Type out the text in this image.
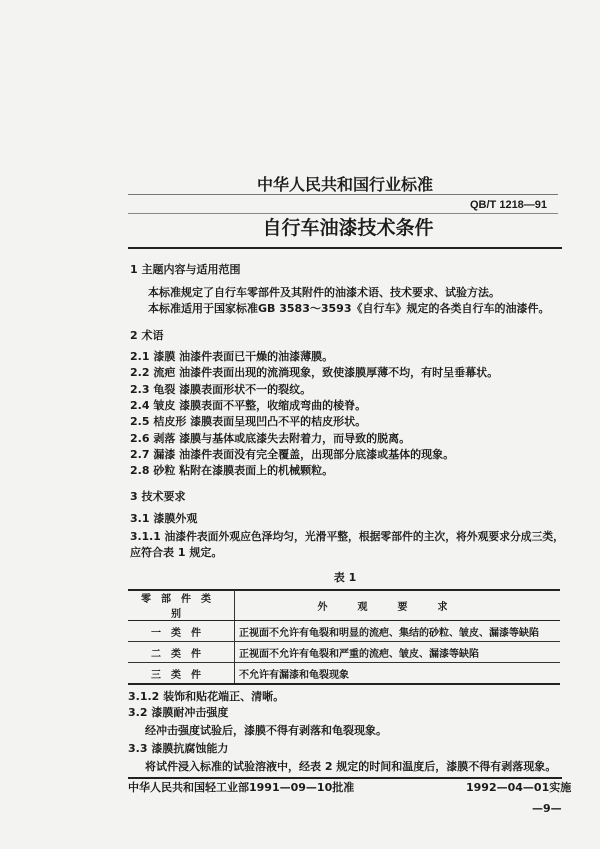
中华人民共和国行业标准
QB/T 1218—91
自行车油漆技术条件
1 主题内容与适用范围
本标准规定了自行车零部件及其附件的油漆术语、技术要求、试验方法。
本标准适用于国家标准GB 3583～3593《自行车》规定的各类自行车的油漆件。
2 术语
2.1 漆膜 油漆件表面已干燥的油漆薄膜。
2.2 流疤 油漆件表面出现的流淌现象，致使漆膜厚薄不均，有时呈垂幕状。
2.3 龟裂 漆膜表面形状不一的裂纹。
2.4 皱皮 漆膜表面不平整，收缩成弯曲的棱脊。
2.5 桔皮形 漆膜表面呈现凹凸不平的桔皮形状。
2.6 剥落 漆膜与基体或底漆失去附着力，而导致的脱离。
2.7 漏漆 油漆件表面没有完全覆盖，出现部分底漆或基体的现象。
2.8 砂粒 粘附在漆膜表面上的机械颗粒。
3 技术要求
3.1 漆膜外观
3.1.1 油漆件表面外观应色泽均匀，光滑平整，根据零部件的主次，将外观要求分成三类，
应符合表 1 规定。
表 1
零部件类别	外观要求
一类件	正视面不允许有龟裂和明显的流疤、集结的砂粒、皱皮、漏漆等缺陷
二类件	正视面不允许有龟裂和严重的流疤、皱皮、漏漆等缺陷
三类件	不允许有漏漆和龟裂现象
3.1.2 装饰和贴花端正、清晰。
3.2 漆膜耐冲击强度
经冲击强度试验后，漆膜不得有剥落和龟裂现象。
3.3 漆膜抗腐蚀能力
将试件浸入标准的试验溶液中，经表 2 规定的时间和温度后，漆膜不得有剥落现象。
中华人民共和国轻工业部1991—09—10批准	1992—04—01实施
—9—
